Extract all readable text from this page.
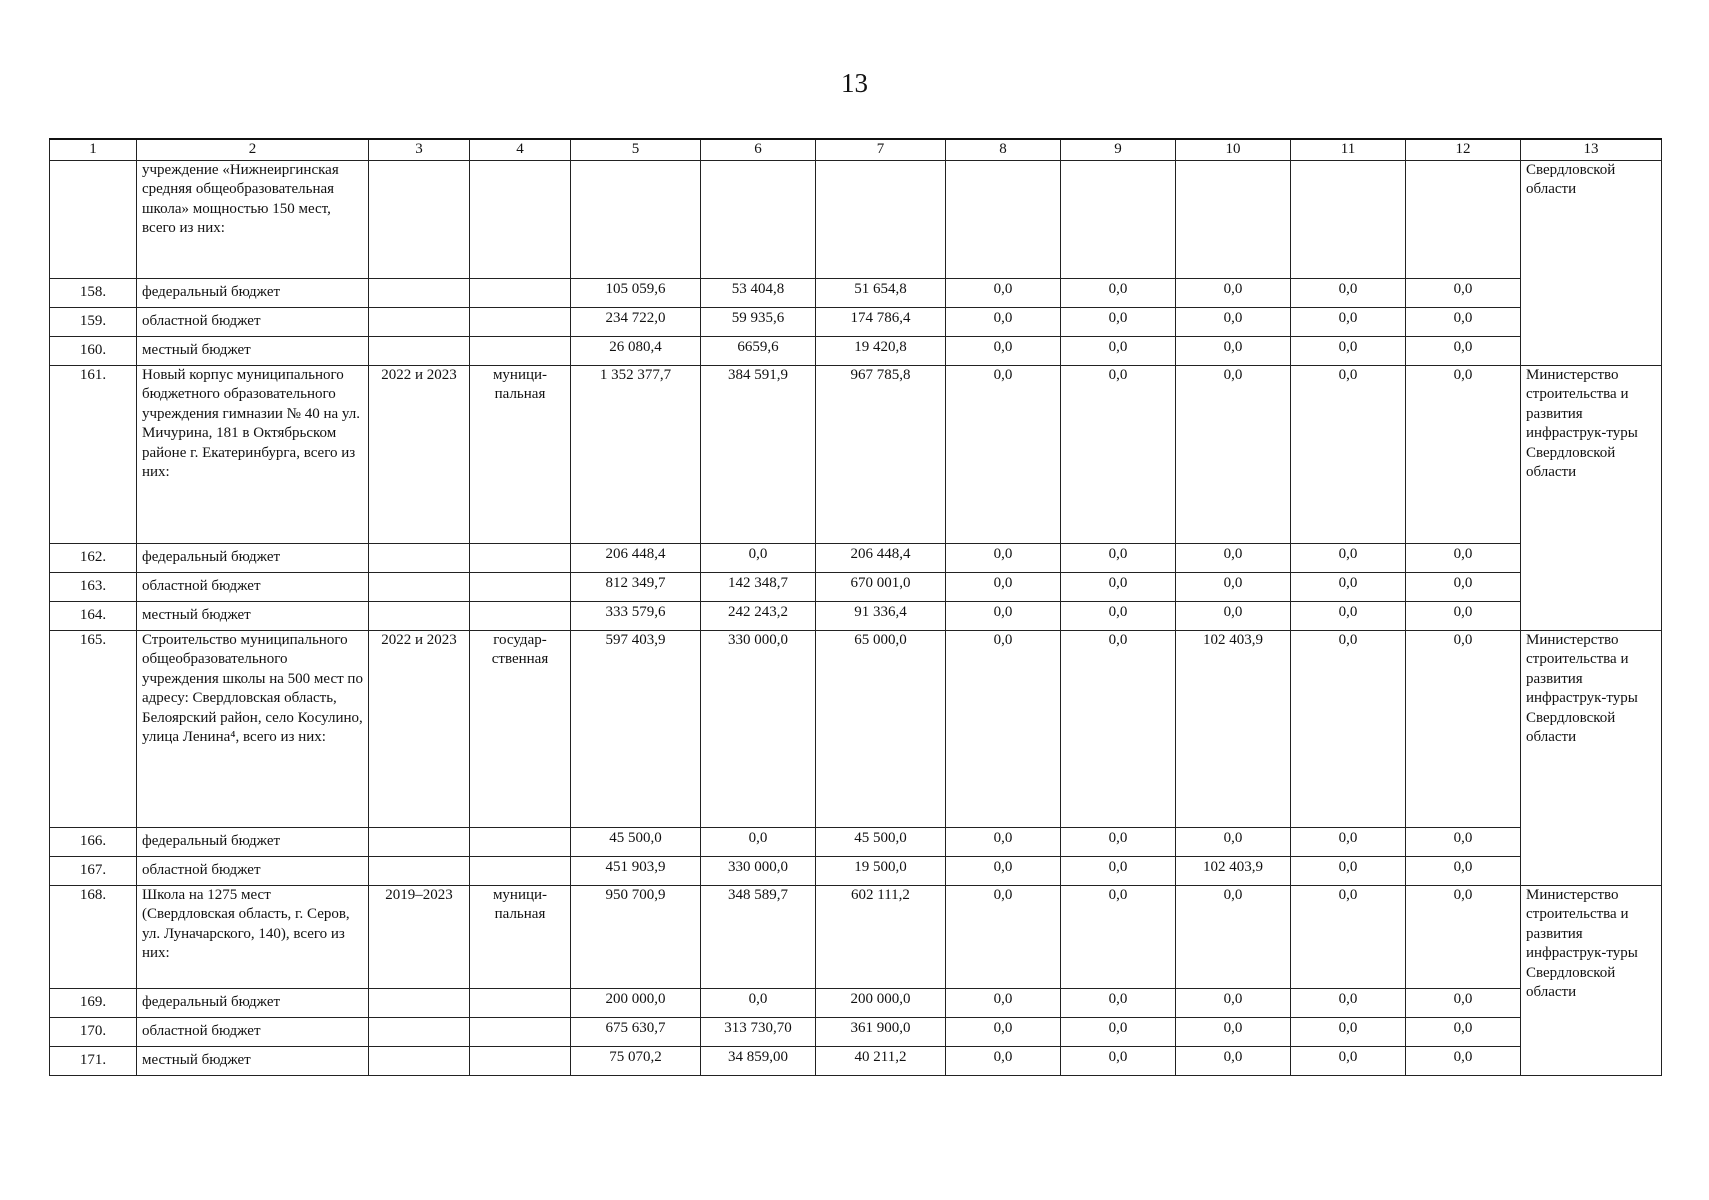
13
1	2	3	4	5	6	7	8	9	10	11	12	13
	учреждение «Нижнеиргинская средняя общеобразовательная школа» мощностью 150 мест, всего из них:											Свердловской области
158.	федеральный бюджет			105 059,6	53 404,8	51 654,8	0,0	0,0	0,0	0,0	0,0	
159.	областной бюджет			234 722,0	59 935,6	174 786,4	0,0	0,0	0,0	0,0	0,0	
160.	местный бюджет			26 080,4	6659,6	19 420,8	0,0	0,0	0,0	0,0	0,0	
161.	Новый корпус муниципального бюджетного образовательного учреждения гимназии № 40 на ул. Мичурина, 181 в Октябрьском районе г. Екатеринбурга, всего из них:	2022 и 2023	муници-пальная	1 352 377,7	384 591,9	967 785,8	0,0	0,0	0,0	0,0	0,0	Министерство строительства и развития инфраструк-туры Свердловской области
162.	федеральный бюджет			206 448,4	0,0	206 448,4	0,0	0,0	0,0	0,0	0,0	
163.	областной бюджет			812 349,7	142 348,7	670 001,0	0,0	0,0	0,0	0,0	0,0	
164.	местный бюджет			333 579,6	242 243,2	91 336,4	0,0	0,0	0,0	0,0	0,0	
165.	Строительство муниципального общеобразовательного учреждения школы на 500 мест по адресу: Свердловская область, Белоярский район, село Косулино, улица Ленина⁴, всего из них:	2022 и 2023	государ-ственная	597 403,9	330 000,0	65 000,0	0,0	0,0	102 403,9	0,0	0,0	Министерство строительства и развития инфраструк-туры Свердловской области
166.	федеральный бюджет			45 500,0	0,0	45 500,0	0,0	0,0	0,0	0,0	0,0	
167.	областной бюджет			451 903,9	330 000,0	19 500,0	0,0	0,0	102 403,9	0,0	0,0	
168.	Школа на 1275 мест (Свердловская область, г. Серов, ул. Луначарского, 140), всего из них:	2019–2023	муници-пальная	950 700,9	348 589,7	602 111,2	0,0	0,0	0,0	0,0	0,0	Министерство строительства и развития инфраструк-туры Свердловской области
169.	федеральный бюджет			200 000,0	0,0	200 000,0	0,0	0,0	0,0	0,0	0,0	
170.	областной бюджет			675 630,7	313 730,70	361 900,0	0,0	0,0	0,0	0,0	0,0	
171.	местный бюджет			75 070,2	34 859,00	40 211,2	0,0	0,0	0,0	0,0	0,0	
